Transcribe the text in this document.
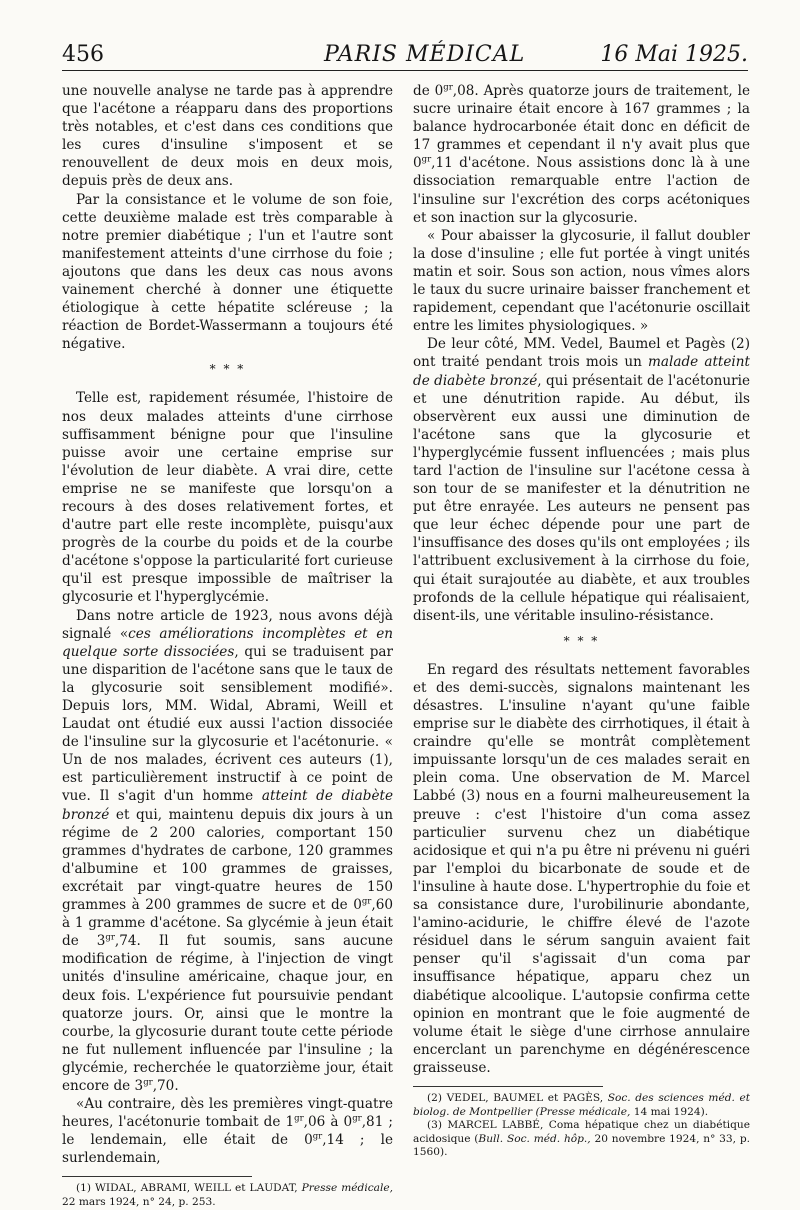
456	PARIS MÉDICAL	16 Mai 1925.

une nouvelle analyse ne tarde pas à apprendre que l'acétone a réapparu dans des proportions très notables, et c'est dans ces conditions que les cures d'insuline s'imposent et se renouvellent de deux mois en deux mois, depuis près de deux ans.

Par la consistance et le volume de son foie, cette deuxième malade est très comparable à notre premier diabétique ; l'un et l'autre sont manifestement atteints d'une cirrhose du foie ; ajoutons que dans les deux cas nous avons vainement cherché à donner une étiquette étiologique à cette hépatite scléreuse ; la réaction de Bordet-Wassermann a toujours été négative.

* * *

Telle est, rapidement résumée, l'histoire de nos deux malades atteints d'une cirrhose suffisamment bénigne pour que l'insuline puisse avoir une certaine emprise sur l'évolution de leur diabète. A vrai dire, cette emprise ne se manifeste que lorsqu'on a recours à des doses relativement fortes, et d'autre part elle reste incomplète, puisqu'aux progrès de la courbe du poids et de la courbe d'acétone s'oppose la particularité fort curieuse qu'il est presque impossible de maîtriser la glycosurie et l'hyperglycémie.

Dans notre article de 1923, nous avons déjà signalé «ces améliorations incomplètes et en quelque sorte dissociées, qui se traduisent par une disparition de l'acétone sans que le taux de la glycosurie soit sensiblement modifié». Depuis lors, MM. Widal, Abrami, Weill et Laudat ont étudié eux aussi l'action dissociée de l'insuline sur la glycosurie et l'acétonurie. « Un de nos malades, écrivent ces auteurs (1), est particulièrement instructif à ce point de vue. Il s'agit d'un homme atteint de diabète bronzé et qui, maintenu depuis dix jours à un régime de 2 200 calories, comportant 150 grammes d'hydrates de carbone, 120 grammes d'albumine et 100 grammes de graisses, excrétait par vingt-quatre heures de 150 grammes à 200 grammes de sucre et de $0^{gr},60$ à 1 gramme d'acétone. Sa glycémie à jeun était de $3^{gr},74$. Il fut soumis, sans aucune modification de régime, à l'injection de vingt unités d'insuline américaine, chaque jour, en deux fois. L'expérience fut poursuivie pendant quatorze jours. Or, ainsi que le montre la courbe, la glycosurie durant toute cette période ne fut nullement influencée par l'insuline ; la glycémie, recherchée le quatorzième jour, était encore de $3^{gr},70$.

«Au contraire, dès les premières vingt-quatre heures, l'acétonurie tombait de $1^{gr},06$ à $0^{gr},81$ ; le lendemain, elle était de $0^{gr},14$ ; le surlendemain,

(1) WIDAL, ABRAMI, WEILL et LAUDAT, Presse médicale, 22 mars 1924, n° 24, p. 253.

de $0^{gr},08$. Après quatorze jours de traitement, le sucre urinaire était encore à 167 grammes ; la balance hydrocarbonée était donc en déficit de 17 grammes et cependant il n'y avait plus que $0^{gr},11$ d'acétone. Nous assistions donc là à une dissociation remarquable entre l'action de l'insuline sur l'excrétion des corps acétoniques et son inaction sur la glycosurie.

« Pour abaisser la glycosurie, il fallut doubler la dose d'insuline ; elle fut portée à vingt unités matin et soir. Sous son action, nous vîmes alors le taux du sucre urinaire baisser franchement et rapidement, cependant que l'acétonurie oscillait entre les limites physiologiques. »

De leur côté, MM. Vedel, Baumel et Pagès (2) ont traité pendant trois mois un malade atteint de diabète bronzé, qui présentait de l'acétonurie et une dénutrition rapide. Au début, ils observèrent eux aussi une diminution de l'acétone sans que la glycosurie et l'hyperglycémie fussent influencées ; mais plus tard l'action de l'insuline sur l'acétone cessa à son tour de se manifester et la dénutrition ne put être enrayée. Les auteurs ne pensent pas que leur échec dépende pour une part de l'insuffisance des doses qu'ils ont employées ; ils l'attribuent exclusivement à la cirrhose du foie, qui était surajoutée au diabète, et aux troubles profonds de la cellule hépatique qui réalisaient, disent-ils, une véritable insulino-résistance.

* * *

En regard des résultats nettement favorables et des demi-succès, signalons maintenant les désastres. L'insuline n'ayant qu'une faible emprise sur le diabète des cirrhotiques, il était à craindre qu'elle se montrât complètement impuissante lorsqu'un de ces malades serait en plein coma. Une observation de M. Marcel Labbé (3) nous en a fourni malheureusement la preuve : c'est l'histoire d'un coma assez particulier survenu chez un diabétique acidosique et qui n'a pu être ni prévenu ni guéri par l'emploi du bicarbonate de soude et de l'insuline à haute dose. L'hypertrophie du foie et sa consistance dure, l'urobilinurie abondante, l'amino-acidurie, le chiffre élevé de l'azote résiduel dans le sérum sanguin avaient fait penser qu'il s'agissait d'un coma par insuffisance hépatique, apparu chez un diabétique alcoolique. L'autopsie confirma cette opinion en montrant que le foie augmenté de volume était le siège d'une cirrhose annulaire encerclant un parenchyme en dégénérescence graisseuse.

(2) VEDEL, BAUMEL et PAGÈS, Soc. des sciences méd. et biolog. de Montpellier (Presse médicale, 14 mai 1924).

(3) MARCEL LABBÉ, Coma hépatique chez un diabétique acidosique (Bull. Soc. méd. hôp., 20 novembre 1924, n° 33, p. 1560).
